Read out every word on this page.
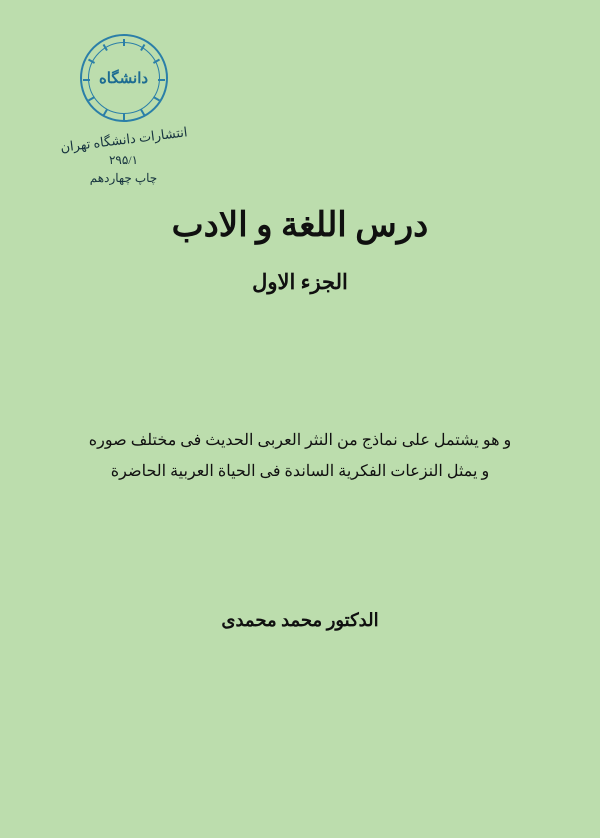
دانشگاه
انتشارات دانشگاه تهران
۲۹۵/۱
چاپ چهاردهم
درس اللغة و الادب
الجزء الاول
و هو يشتمل على نماذج من النثر العربى الحديث فى مختلف صوره
و يمثل النزعات الفكرية الساندة فى الحياة العربية الحاضرة
الدكتور محمد محمدى
